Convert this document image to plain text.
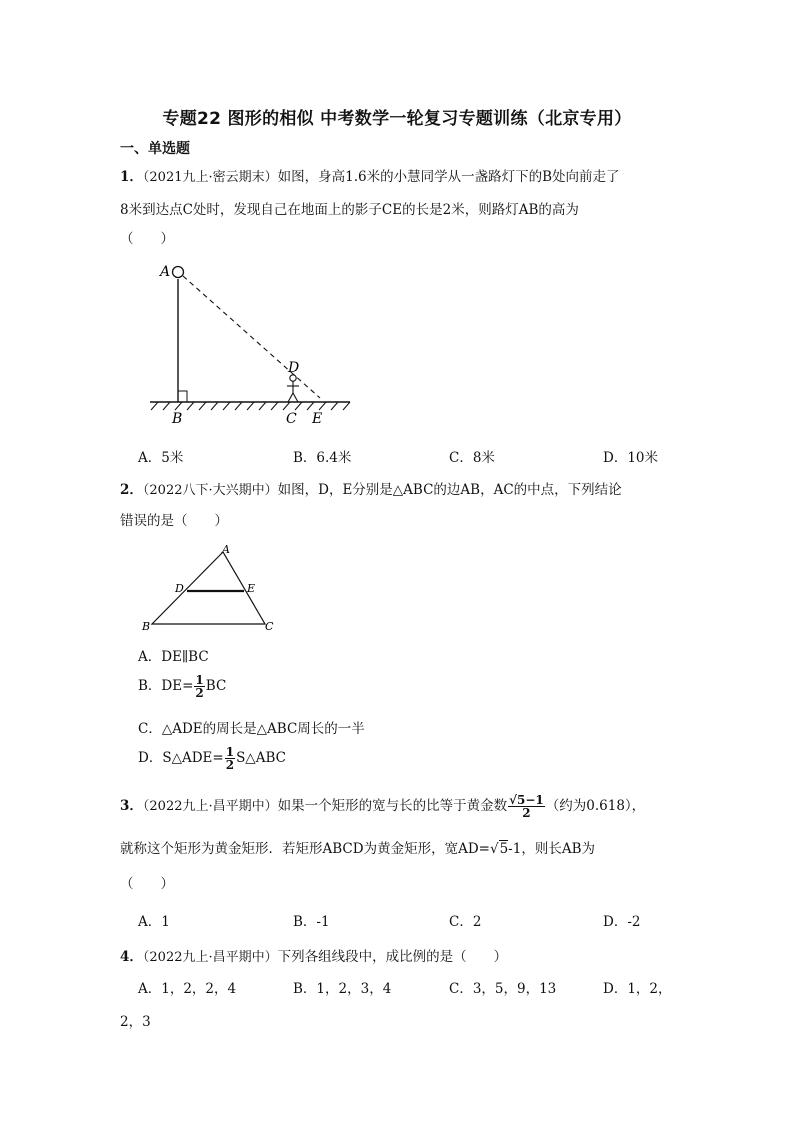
专题22 图形的相似 中考数学一轮复习专题训练（北京专用）
一、单选题
1．（2021九上·密云期末）如图，身高1.6米的小慧同学从一盏路灯下的B处向前走了
8米到达点C处时，发现自己在地面上的影子CE的长是2米，则路灯AB的高为
（　　）
A
B	C
D
E
A．5米	B．6.4米	C．8米	D．10米
2．（2022八下·大兴期中）如图，D，E分别是△ABC的边AB，AC的中点，下列结论
错误的是（　　）
A
B	C
D	E
A．DE∥BC
B．$DE= \frac{1}{2}$ BC
C．△ADE的周长是△ABC周长的一半
D．S△ADE= $\frac{1}{2}$ S△ABC
3．（2022九上·昌平期中）如果一个矩形的宽与长的比等于黄金数 $\frac{√5-1}{2}$ （约为0.618），
就称这个矩形为黄金矩形．若矩形ABCD为黄金矩形，宽AD=√5-1，则长AB为
（　　）
A．1	B．-1	C．2	D．-2
4．（2022九上·昌平期中）下列各组线段中，成比例的是（　　）
A．1，2，2，4	B．1，2，3，4	C．3，5，9，13	D．1，2，
2，3
